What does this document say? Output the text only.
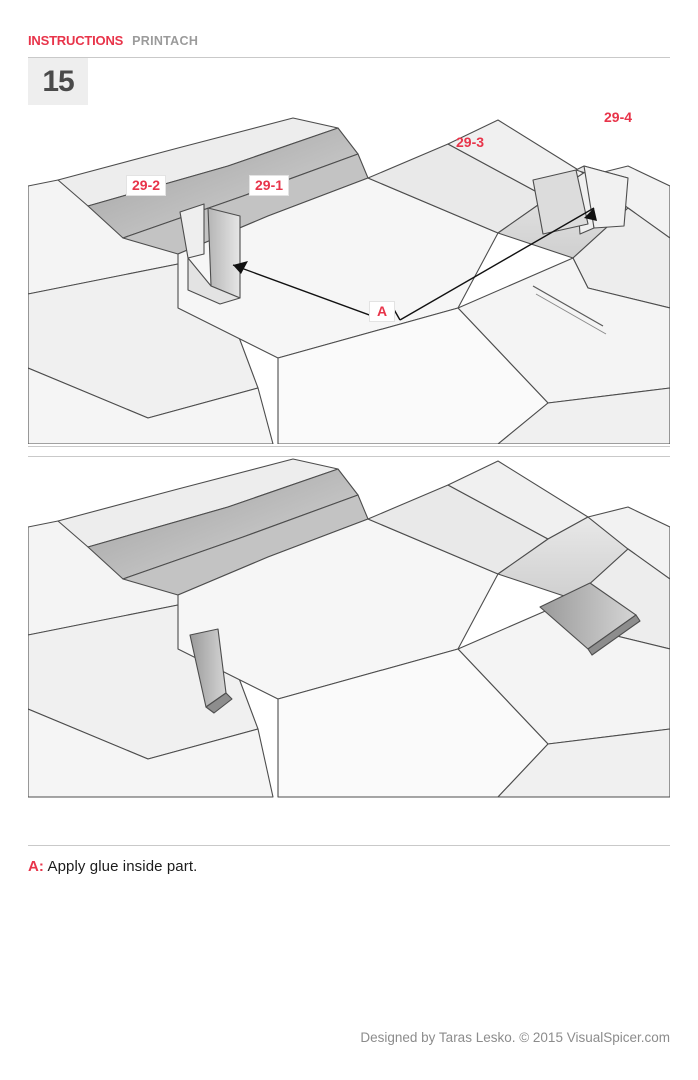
INSTRUCTIONS PRINTACH
15
29-2	29-1
29-3
29-4
A
A: Apply glue inside part.
Designed by Taras Lesko. © 2015 VisualSpicer.com
